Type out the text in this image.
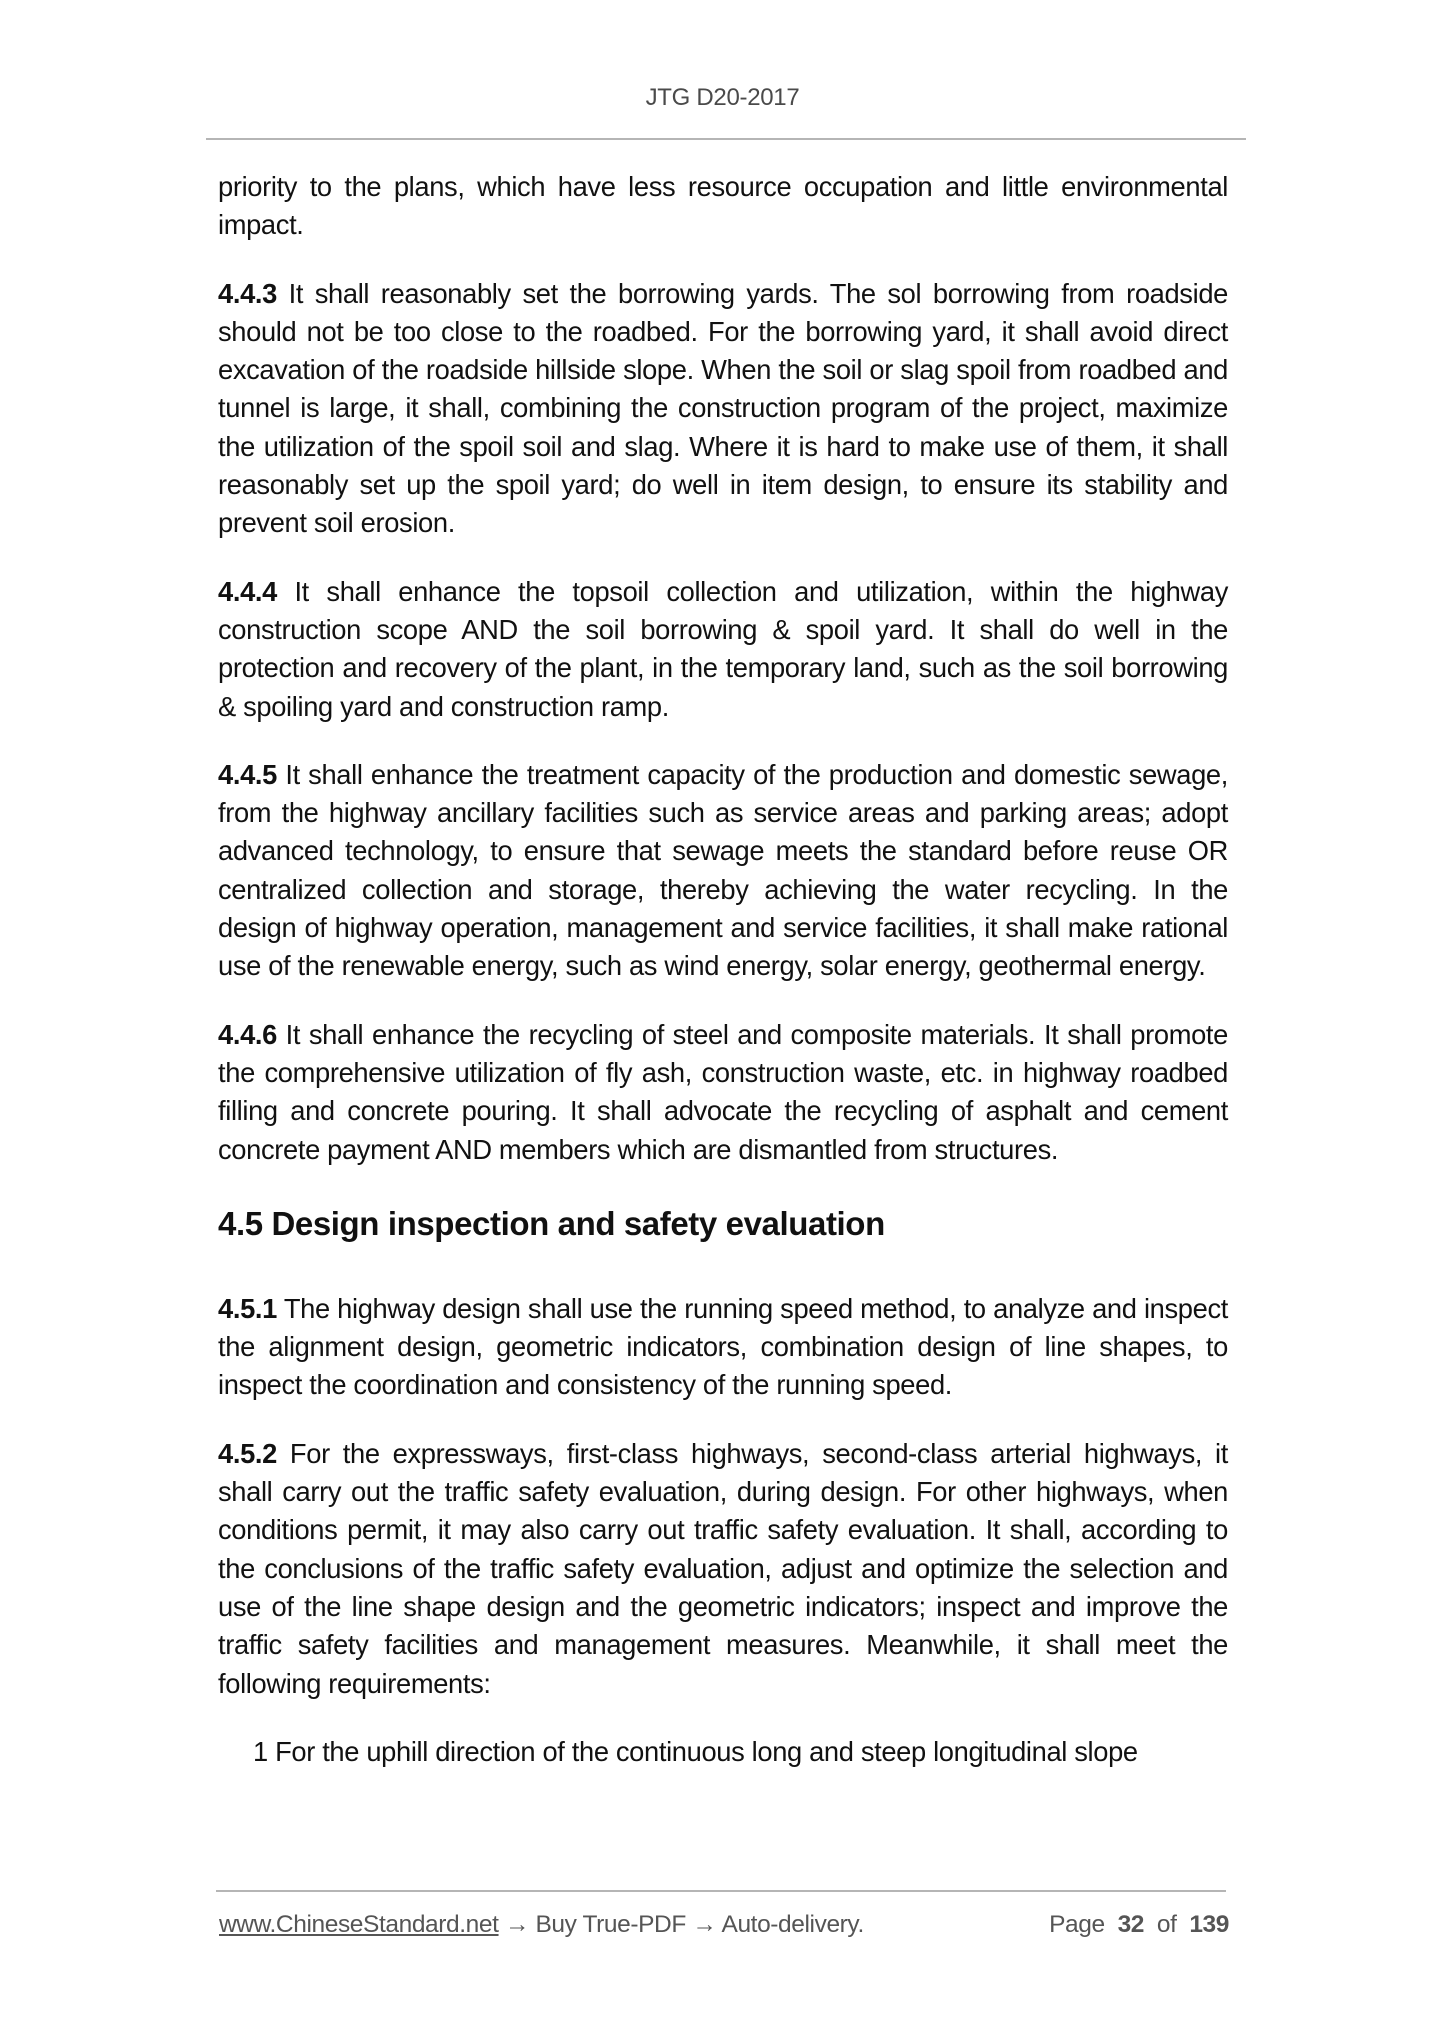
JTG D20-2017

priority to the plans, which have less resource occupation and little environmental impact.

4.4.3 It shall reasonably set the borrowing yards. The sol borrowing from roadside should not be too close to the roadbed. For the borrowing yard, it shall avoid direct excavation of the roadside hillside slope. When the soil or slag spoil from roadbed and tunnel is large, it shall, combining the construction program of the project, maximize the utilization of the spoil soil and slag. Where it is hard to make use of them, it shall reasonably set up the spoil yard; do well in item design, to ensure its stability and prevent soil erosion.

4.4.4 It shall enhance the topsoil collection and utilization, within the highway construction scope AND the soil borrowing & spoil yard. It shall do well in the protection and recovery of the plant, in the temporary land, such as the soil borrowing & spoiling yard and construction ramp.

4.4.5 It shall enhance the treatment capacity of the production and domestic sewage, from the highway ancillary facilities such as service areas and parking areas; adopt advanced technology, to ensure that sewage meets the standard before reuse OR centralized collection and storage, thereby achieving the water recycling. In the design of highway operation, management and service facilities, it shall make rational use of the renewable energy, such as wind energy, solar energy, geothermal energy.

4.4.6 It shall enhance the recycling of steel and composite materials. It shall promote the comprehensive utilization of fly ash, construction waste, etc. in highway roadbed filling and concrete pouring. It shall advocate the recycling of asphalt and cement concrete payment AND members which are dismantled from structures.

4.5 Design inspection and safety evaluation

4.5.1 The highway design shall use the running speed method, to analyze and inspect the alignment design, geometric indicators, combination design of line shapes, to inspect the coordination and consistency of the running speed.

4.5.2 For the expressways, first-class highways, second-class arterial highways, it shall carry out the traffic safety evaluation, during design. For other highways, when conditions permit, it may also carry out traffic safety evaluation. It shall, according to the conclusions of the traffic safety evaluation, adjust and optimize the selection and use of the line shape design and the geometric indicators; inspect and improve the traffic safety facilities and management measures. Meanwhile, it shall meet the following requirements:

1 For the uphill direction of the continuous long and steep longitudinal slope

www.ChineseStandard.net → Buy True-PDF → Auto-delivery.	Page 32 of 139
